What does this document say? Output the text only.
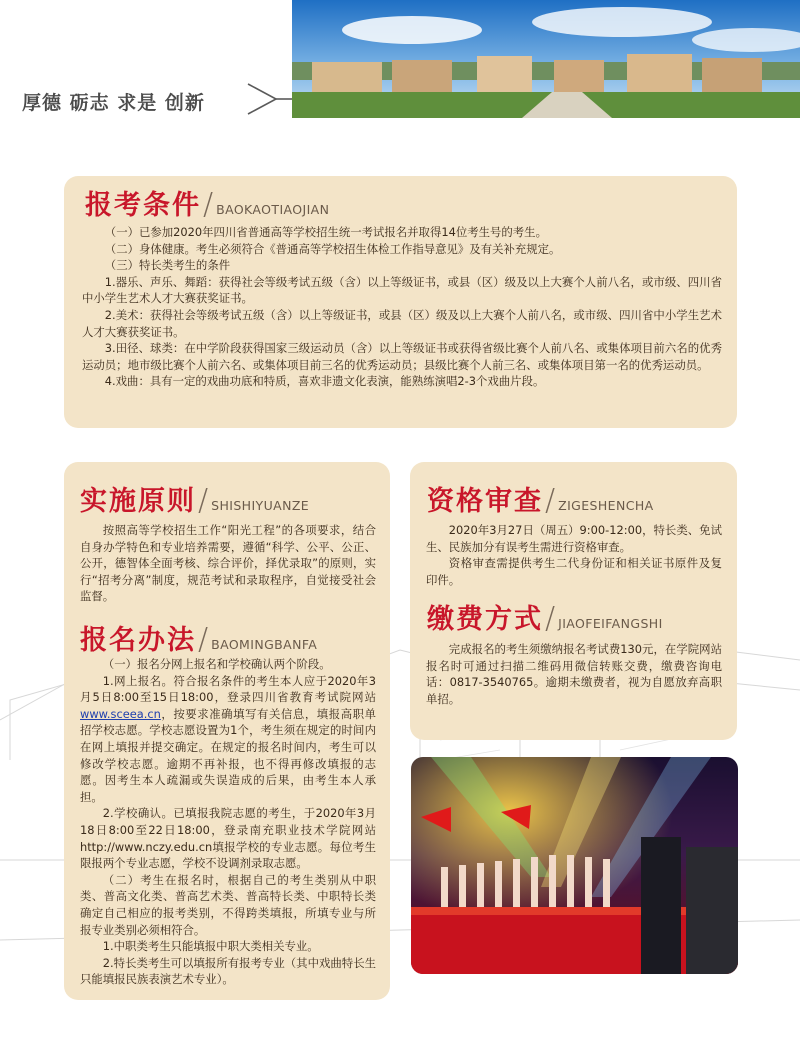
厚德 砺志 求是 创新
报考条件/ BAOKAOTIAOJIAN

（一）已参加2020年四川省普通高等学校招生统一考试报名并取得14位考生号的考生。

（二）身体健康。考生必须符合《普通高等学校招生体检工作指导意见》及有关补充规定。

（三）特长类考生的条件

1.器乐、声乐、舞蹈：获得社会等级考试五级（含）以上等级证书，或县（区）级及以上大赛个人前八名，或市级、四川省中小学生艺术人才大赛获奖证书。

2.美术：获得社会等级考试五级（含）以上等级证书，或县（区）级及以上大赛个人前八名，或市级、四川省中小学生艺术人才大赛获奖证书。

3.田径、球类：在中学阶段获得国家三级运动员（含）以上等级证书或获得省级比赛个人前八名、或集体项目前六名的优秀运动员；地市级比赛个人前六名、或集体项目前三名的优秀运动员；县级比赛个人前三名、或集体项目第一名的优秀运动员。

4.戏曲：具有一定的戏曲功底和特质，喜欢非遗文化表演，能熟练演唱2-3个戏曲片段。

实施原则/ SHISHIYUANZE

按照高等学校招生工作“阳光工程”的各项要求，结合自身办学特色和专业培养需要，遵循“科学、公平、公正、公开，德智体全面考核、综合评价，择优录取”的原则，实行“招考分离”制度，规范考试和录取程序，自觉接受社会监督。

报名办法/ BAOMINGBANFA

（一）报名分网上报名和学校确认两个阶段。

1.网上报名。符合报名条件的考生本人应于2020年3月5日8:00至15日18:00，登录四川省教育考试院网站www.sceea.cn，按要求准确填写有关信息，填报高职单招学校志愿。学校志愿设置为1个，考生须在规定的时间内在网上填报并提交确定。在规定的报名时间内，考生可以修改学校志愿。逾期不再补报，也不得再修改填报的志愿。因考生本人疏漏或失误造成的后果，由考生本人承担。

2.学校确认。已填报我院志愿的考生，于2020年3月18日8:00至22日18:00，登录南充职业技术学院网站http://www.nczy.edu.cn填报学校的专业志愿。每位考生限报两个专业志愿，学校不设调剂录取志愿。

（二）考生在报名时，根据自己的考生类别从中职类、普高文化类、普高艺术类、普高特长类、中职特长类确定自己相应的报考类别，不得跨类填报，所填专业与所报专业类别必须相符合。

1.中职类考生只能填报中职大类相关专业。

2.特长类考生可以填报所有报考专业（其中戏曲特长生只能填报民族表演艺术专业）。

资格审查/ ZIGESHENCHA

2020年3月27日（周五）9:00-12:00，特长类、免试生、民族加分有误考生需进行资格审查。

资格审查需提供考生二代身份证和相关证书原件及复印件。

缴费方式/ JIAOFEIFANGSHI

完成报名的考生须缴纳报名考试费130元，在学院网站报名时可通过扫描二维码用微信转账交费，缴费咨询电话：0817-3540765。逾期未缴费者，视为自愿放弃高职单招。
